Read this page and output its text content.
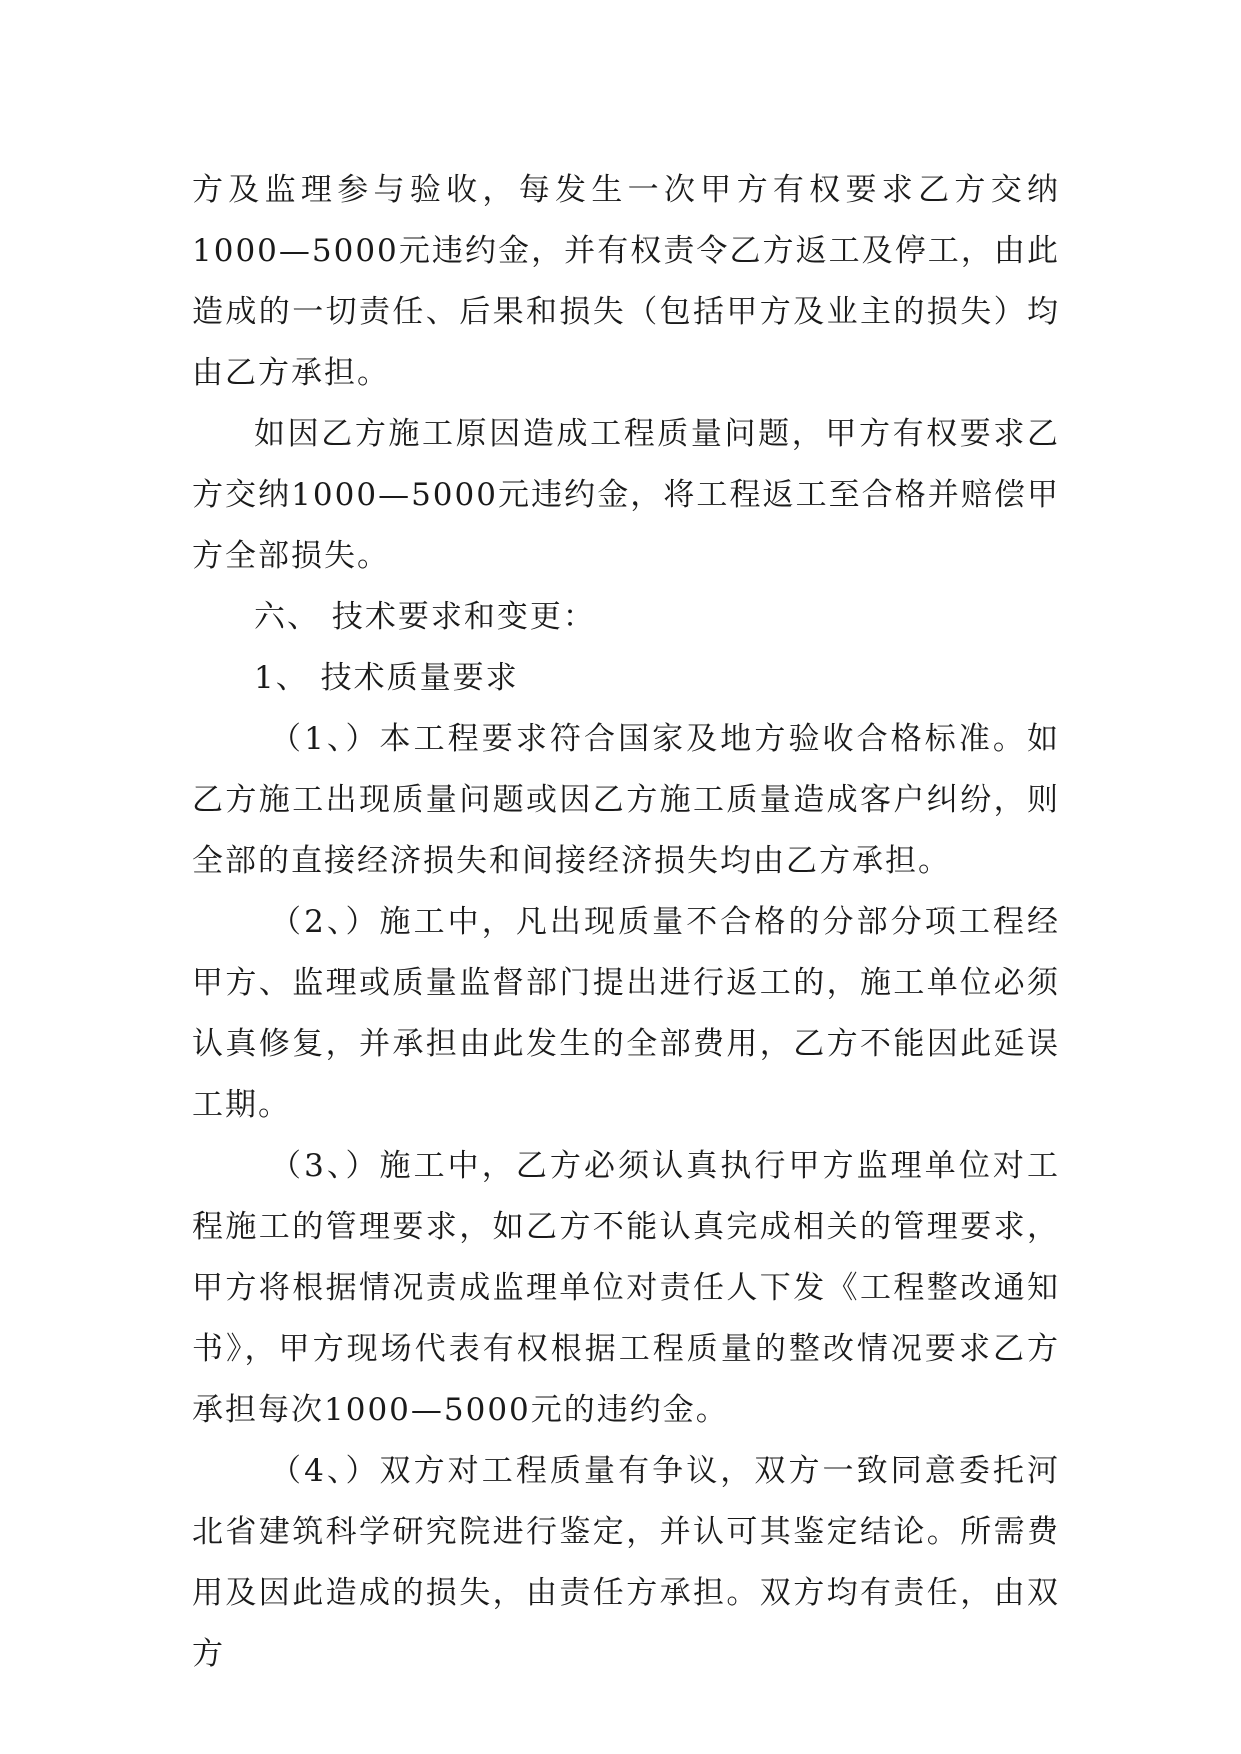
方及监理参与验收，每发生一次甲方有权要求乙方交纳1000—5000元违约金，并有权责令乙方返工及停工，由此造成的一切责任、后果和损失（包括甲方及业主的损失）均由乙方承担。

如因乙方施工原因造成工程质量问题，甲方有权要求乙方交纳1000—5000元违约金，将工程返工至合格并赔偿甲方全部损失。

六、 技术要求和变更：

1、 技术质量要求

（1、）本工程要求符合国家及地方验收合格标准。如乙方施工出现质量问题或因乙方施工质量造成客户纠纷，则全部的直接经济损失和间接经济损失均由乙方承担。

（2、）施工中，凡出现质量不合格的分部分项工程经甲方、监理或质量监督部门提出进行返工的，施工单位必须认真修复，并承担由此发生的全部费用，乙方不能因此延误工期。

（3、）施工中，乙方必须认真执行甲方监理单位对工程施工的管理要求，如乙方不能认真完成相关的管理要求，甲方将根据情况责成监理单位对责任人下发《工程整改通知书》，甲方现场代表有权根据工程质量的整改情况要求乙方承担每次1000—5000元的违约金。

（4、）双方对工程质量有争议，双方一致同意委托河北省建筑科学研究院进行鉴定，并认可其鉴定结论。所需费用及因此造成的损失，由责任方承担。双方均有责任，由双方
